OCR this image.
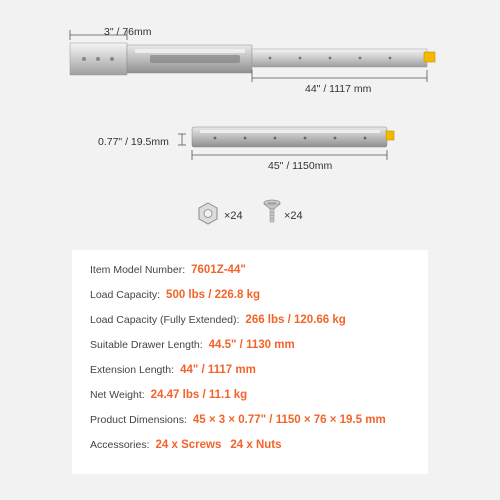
3" / 76mm
44" / 1117 mm
0.77" / 19.5mm
45" / 1150mm
×24	×24
Item Model Number: 7601Z-44"
Load Capacity: 500 lbs / 226.8 kg
Load Capacity (Fully Extended): 266 lbs / 120.66 kg
Suitable Drawer Length: 44.5" / 1130 mm
Extension Length: 44" / 1117 mm
Net Weight: 24.47 lbs / 11.1 kg
Product Dimensions: 45 × 3 × 0.77" / 1150 × 76 × 19.5 mm
Accessories: 24 x Screws 24 x Nuts
